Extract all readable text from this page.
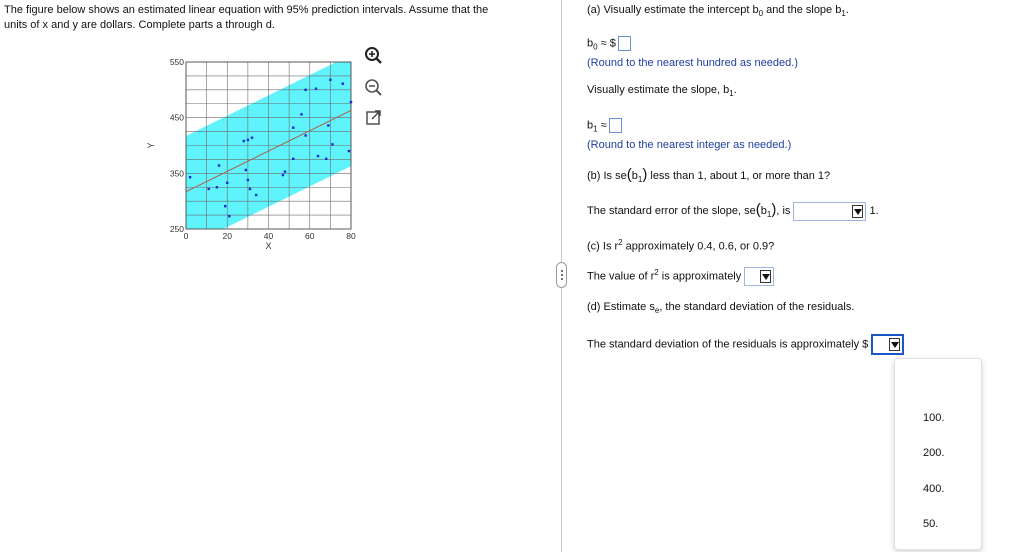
The figure below shows an estimated linear equation with 95% prediction intervals. Assume that the
units of x and y are dollars. Complete parts a through d.
0	20	40	60	80
550
450
350
250
X
Y
(a) Visually estimate the intercept $b_0$ and the slope $b_1$.
$b_0$ ≈ $
(Round to the nearest hundred as needed.)
Visually estimate the slope, $b_1$.
$b_1$ ≈
(Round to the nearest integer as needed.)
(b) Is $se(b_1)$ less than 1, about 1, or more than 1?
The standard error of the slope, $se(b_1)$, is	1.
(c) Is $r^2$ approximately 0.4, 0.6, or 0.9?
The value of $r^2$ is approximately
(d) Estimate $s_e$, the standard deviation of the residuals.
The standard deviation of the residuals is approximately $
100.
200.
400.
50.
